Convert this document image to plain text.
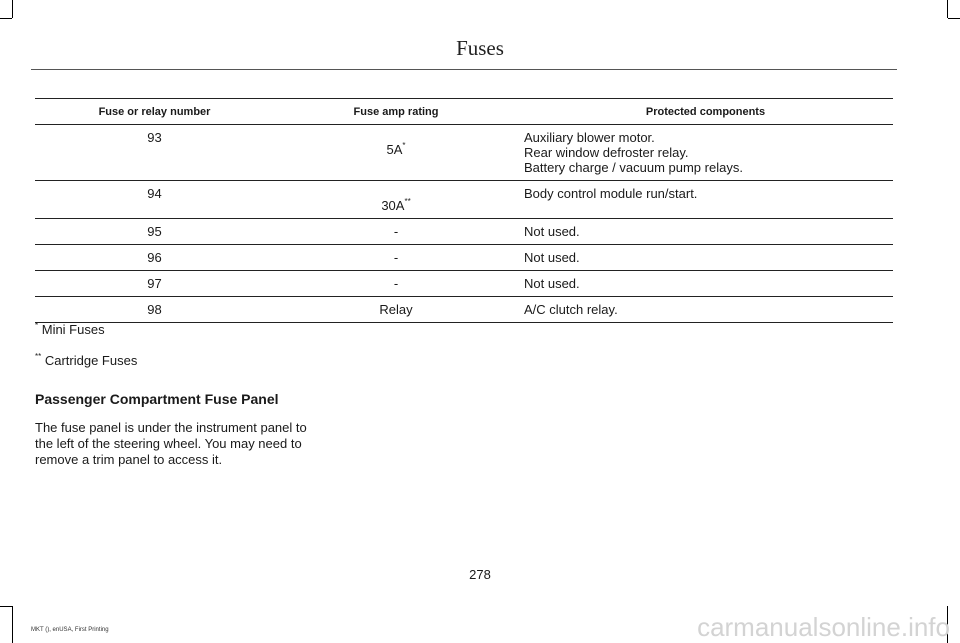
Fuses
Fuse or relay number	Fuse amp rating	Protected components
93	5A*	Auxiliary blower motor.
Rear window defroster relay.
Battery charge / vacuum pump relays.

94	30A**	Body control module run/start.

95	-	Not used.
96	-	Not used.
97	-	Not used.
98	Relay	A/C clutch relay.
* Mini Fuses
** Cartridge Fuses
Passenger Compartment Fuse Panel
The fuse panel is under the instrument panel to the left of the steering wheel. You may need to remove a trim panel to access it.
278
MKT (), enUSA, First Printing	carmanualsonline.info
